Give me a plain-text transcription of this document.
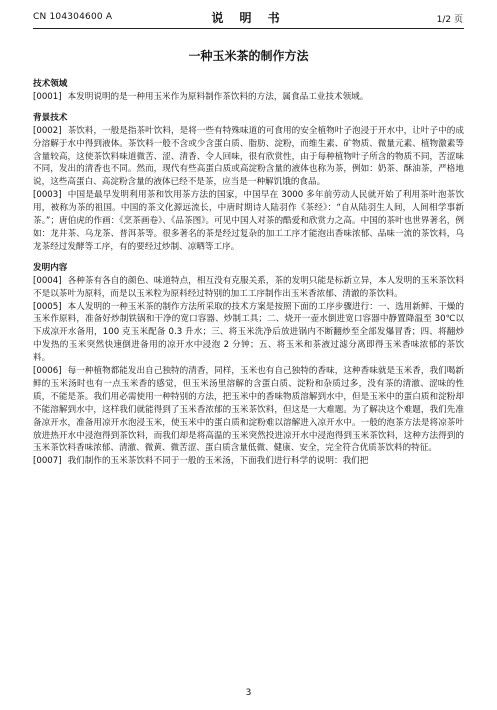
CN 104304600 A	说 明 书	1/2 页
一种玉米茶的制作方法
技术领域

[0001] 本发明说明的是一种用玉米作为原料制作茶饮料的方法，属食品工业技术领域。

背景技术

[0002] 茶饮料，一般是指茶叶饮料，是将一些有特殊味道的可食用的安全植物叶子泡浸于开水中，让叶子中的成分溶解于水中得到液体。茶饮料一般不含或少含蛋白质、脂肪、淀粉，而维生素、矿物质、微量元素、植物激素等含量较高，这使茶饮料味道微苦、涩、清香、令人回味，很有欣赏性，由于每种植物叶子所含的物质不同，苦涩味不同，发出的清香也不同。然而，现代有些高蛋白质或高淀粉含量的液体也称为茶，例如：奶茶、酥油茶，严格地说，这些高蛋白、高淀粉含量的液体已经不是茶，应当是一种解饥饿的食品。

[0003] 中国是最早发明利用茶和饮用茶方法的国家，中国早在 3000 多年前劳动人民就开始了利用茶叶泡茶饮用，被称为茶的祖国。中国的茶文化源远流长，中唐时期诗人陆羽作《茶经》：“自从陆羽生人间，人间相学事新茶。”；唐伯虎的作画：《烹茶画卷》、《品茶图》。可见中国人对茶的酷爱和欣赏力之高。中国的茶叶也世界著名，例如：龙井茶、乌龙茶、普洱茶等。很多著名的茶是经过复杂的加工工序才能泡出香味浓郁、品味一流的茶饮料，乌龙茶经过发酵等工序，有的要经过炒制、凉晒等工序。

发明内容

[0004] 各种茶有各自的颜色、味道特点，相互没有克服关系，茶的发明只能是标新立异，本人发明的玉米茶饮料不是以茶叶为原料，而是以玉米粒为原料经过特别的加工工序制作出玉米香浓郁、清澈的茶饮料。

[0005] 本人发明的一种玉米茶的制作方法所采取的技术方案是按照下面的工序步骤进行：一、选用新鲜、干燥的玉米作原料，准备好炒制铁锅和干净的宽口容器、炒制工具；二、烧开一壶水倒进宽口容器中静置降温至 30℃以下成凉开水备用，100 克玉米配备 0.3 升水；三、将玉米洗净后放进锅内不断翻炒至全部发爆冒香；四、将翻炒中发热的玉米突然快速倒进备用的凉开水中浸泡 2 分钟；五、将玉米和茶液过滤分离即得玉米香味浓郁的茶饮料。

[0006] 每一种植物都能发出自己独特的清香，同样，玉米也有自己独特的香味，这种香味就是玉米香，我们喝新鲜的玉米汤时也有一点玉米香的感觉，但玉米汤里溶解的含蛋白质、淀粉和杂质过多，没有茶的清澈、涩味的性质，不能是茶。我们用必需使用一种特别的方法，把玉米中的香味物质溶解到水中，但是玉米中的蛋白质和淀粉却不能溶解到水中，这样我们就能得到了玉米香浓郁的玉米茶饮料，但这是一大难题。为了解决这个难题，我们先准备凉开水，准备用凉开水泡浸玉米，使玉米中的蛋白质和淀粉难以溶解进入凉开水中。一般的泡茶方法是将凉茶叶放进热开水中浸泡得到茶饮料，而我们却是将高温的玉米突然投进凉开水中浸泡得到玉米茶饮料，这种方法得到的玉米茶饮料香味浓郁、清澈、微黄、微苦涩、蛋白质含量低微、健康、安全，完全符合优质茶饮料的特征。

[0007] 我们制作的玉米茶饮料不同于一般的玉米汤，下面我们进行科学的说明：我们把

3
